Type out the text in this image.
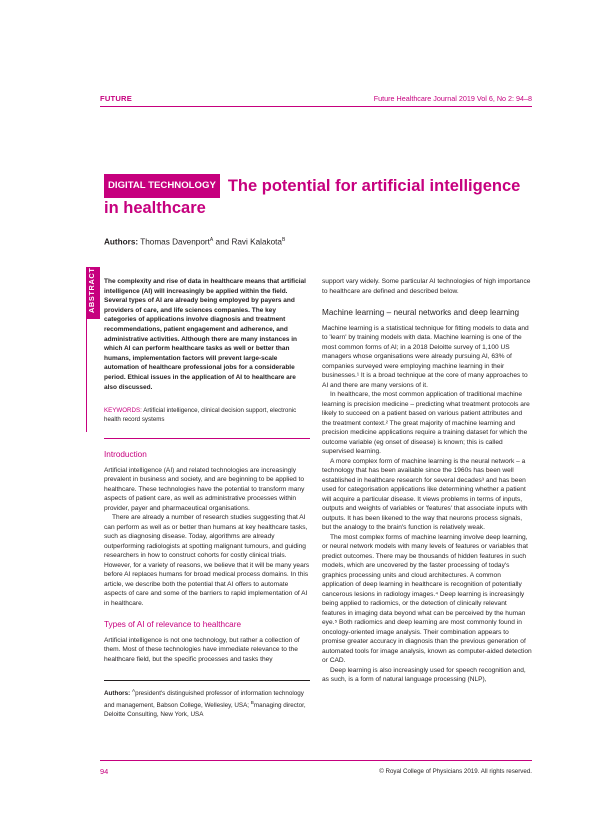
FUTURE	Future Healthcare Journal 2019 Vol 6, No 2: 94–8
DIGITAL TECHNOLOGY The potential for artificial intelligence in healthcare
Authors: Thomas Davenport$^A$ and Ravi Kalakota$^B$
ABSTRACT The complexity and rise of data in healthcare means that artificial intelligence (AI) will increasingly be applied within the field. Several types of AI are already being employed by payers and providers of care, and life sciences companies. The key categories of applications involve diagnosis and treatment recommendations, patient engagement and adherence, and administrative activities. Although there are many instances in which AI can perform healthcare tasks as well or better than humans, implementation factors will prevent large-scale automation of healthcare professional jobs for a considerable period. Ethical issues in the application of AI to healthcare are also discussed.
KEYWORDS: Artificial intelligence, clinical decision support, electronic health record systems
Introduction

Artificial intelligence (AI) and related technologies are increasingly prevalent in business and society, and are beginning to be applied to healthcare. These technologies have the potential to transform many aspects of patient care, as well as administrative processes within provider, payer and pharmaceutical organisations.

There are already a number of research studies suggesting that AI can perform as well as or better than humans at key healthcare tasks, such as diagnosing disease. Today, algorithms are already outperforming radiologists at spotting malignant tumours, and guiding researchers in how to construct cohorts for costly clinical trials. However, for a variety of reasons, we believe that it will be many years before AI replaces humans for broad medical process domains. In this article, we describe both the potential that AI offers to automate aspects of care and some of the barriers to rapid implementation of AI in healthcare.

Types of AI of relevance to healthcare

Artificial intelligence is not one technology, but rather a collection of them. Most of these technologies have immediate relevance to the healthcare field, but the specific processes and tasks they

Authors: $^A$president's distinguished professor of information technology and management, Babson College, Wellesley, USA; $^B$managing director, Deloitte Consulting, New York, USA

support vary widely. Some particular AI technologies of high importance to healthcare are defined and described below.

Machine learning – neural networks and deep learning

Machine learning is a statistical technique for fitting models to data and to 'learn' by training models with data. Machine learning is one of the most common forms of AI; in a 2018 Deloitte survey of 1,100 US managers whose organisations were already pursuing AI, 63% of companies surveyed were employing machine learning in their businesses.¹ It is a broad technique at the core of many approaches to AI and there are many versions of it.

In healthcare, the most common application of traditional machine learning is precision medicine – predicting what treatment protocols are likely to succeed on a patient based on various patient attributes and the treatment context.² The great majority of machine learning and precision medicine applications require a training dataset for which the outcome variable (eg onset of disease) is known; this is called supervised learning.

A more complex form of machine learning is the neural network – a technology that has been available since the 1960s has been well established in healthcare research for several decades³ and has been used for categorisation applications like determining whether a patient will acquire a particular disease. It views problems in terms of inputs, outputs and weights of variables or 'features' that associate inputs with outputs. It has been likened to the way that neurons process signals, but the analogy to the brain's function is relatively weak.

The most complex forms of machine learning involve deep learning, or neural network models with many levels of features or variables that predict outcomes. There may be thousands of hidden features in such models, which are uncovered by the faster processing of today's graphics processing units and cloud architectures. A common application of deep learning in healthcare is recognition of potentially cancerous lesions in radiology images.⁴ Deep learning is increasingly being applied to radiomics, or the detection of clinically relevant features in imaging data beyond what can be perceived by the human eye.⁵ Both radiomics and deep learning are most commonly found in oncology-oriented image analysis. Their combination appears to promise greater accuracy in diagnosis than the previous generation of automated tools for image analysis, known as computer-aided detection or CAD.

Deep learning is also increasingly used for speech recognition and, as such, is a form of natural language processing (NLP),

94	© Royal College of Physicians 2019. All rights reserved.
